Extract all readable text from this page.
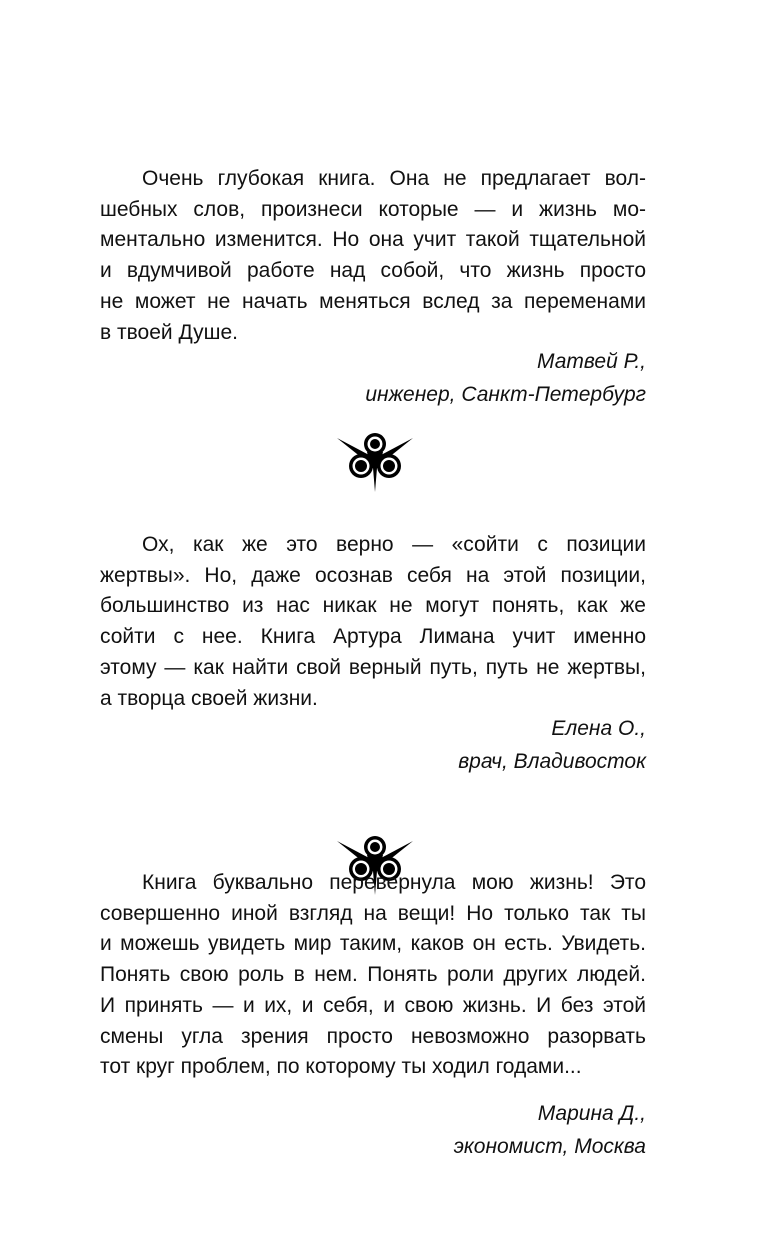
Очень глубокая книга. Она не предлагает вол-
шебных слов, произнеси которые — и жизнь мо-
ментально изменится. Но она учит такой тщательной
и вдумчивой работе над собой, что жизнь просто
не может не начать меняться вслед за переменами
в твоей Душе.
Матвей Р.,
инженер, Санкт-Петербург
Ох, как же это верно — «сойти с позиции
жертвы». Но, даже осознав себя на этой позиции,
большинство из нас никак не могут понять, как же
сойти с нее. Книга Артура Лимана учит именно
этому — как найти свой верный путь, путь не жертвы,
а творца своей жизни.
Елена О.,
врач, Владивосток
Книга буквально перевернула мою жизнь! Это
совершенно иной взгляд на вещи! Но только так ты
и можешь увидеть мир таким, каков он есть. Увидеть.
Понять свою роль в нем. Понять роли других людей.
И принять — и их, и себя, и свою жизнь. И без этой
смены угла зрения просто невозможно разорвать
тот круг проблем, по которому ты ходил годами...
Марина Д.,
экономист, Москва
